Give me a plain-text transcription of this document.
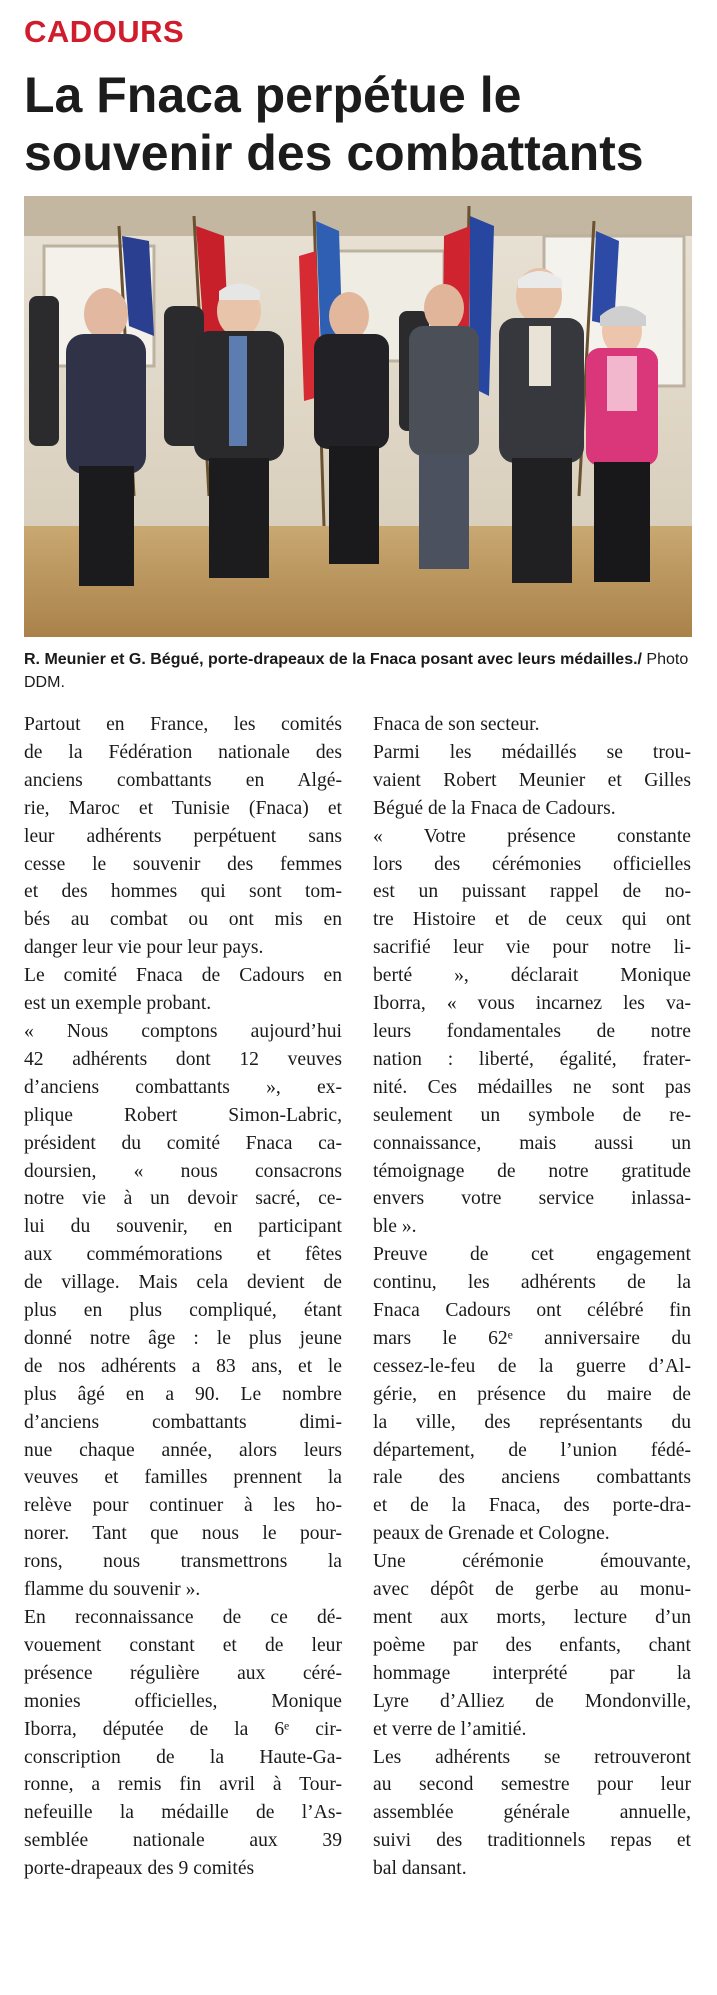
CADOURS
La Fnaca perpétue le
souvenir des combattants
R. Meunier et G. Bégué, porte-drapeaux de la Fnaca posant avec leurs médailles./ Photo DDM.
Partout en France, les comités
de la Fédération nationale des
anciens combattants en Algé-
rie, Maroc et Tunisie (Fnaca) et
leur adhérents perpétuent sans
cesse le souvenir des femmes
et des hommes qui sont tom-
bés au combat ou ont mis en
danger leur vie pour leur pays.
Le comité Fnaca de Cadours en
est un exemple probant.
« Nous comptons aujourd’hui
42 adhérents dont 12 veuves
d’anciens combattants », ex-
plique Robert Simon-Labric,
président du comité Fnaca ca-
doursien, « nous consacrons
notre vie à un devoir sacré, ce-
lui du souvenir, en participant
aux commémorations et fêtes
de village. Mais cela devient de
plus en plus compliqué, étant
donné notre âge : le plus jeune
de nos adhérents a 83 ans, et le
plus âgé en a 90. Le nombre
d’anciens combattants dimi-
nue chaque année, alors leurs
veuves et familles prennent la
relève pour continuer à les ho-
norer. Tant que nous le pour-
rons, nous transmettrons la
flamme du souvenir ».
En reconnaissance de ce dé-
vouement constant et de leur
présence régulière aux céré-
monies officielles, Monique
Iborra, députée de la 6ᵉ cir-
conscription de la Haute-Ga-
ronne, a remis fin avril à Tour-
nefeuille la médaille de l’As-
semblée nationale aux 39
porte-drapeaux des 9 comités
Fnaca de son secteur.
Parmi les médaillés se trou-
vaient Robert Meunier et Gilles
Bégué de la Fnaca de Cadours.
« Votre présence constante
lors des cérémonies officielles
est un puissant rappel de no-
tre Histoire et de ceux qui ont
sacrifié leur vie pour notre li-
berté », déclarait Monique
Iborra, « vous incarnez les va-
leurs fondamentales de notre
nation : liberté, égalité, frater-
nité. Ces médailles ne sont pas
seulement un symbole de re-
connaissance, mais aussi un
témoignage de notre gratitude
envers votre service inlassa-
ble ».
Preuve de cet engagement
continu, les adhérents de la
Fnaca Cadours ont célébré fin
mars le 62ᵉ anniversaire du
cessez-le-feu de la guerre d’Al-
gérie, en présence du maire de
la ville, des représentants du
département, de l’union fédé-
rale des anciens combattants
et de la Fnaca, des porte-dra-
peaux de Grenade et Cologne.
Une cérémonie émouvante,
avec dépôt de gerbe au monu-
ment aux morts, lecture d’un
poème par des enfants, chant
hommage interprété par la
Lyre d’Alliez de Mondonville,
et verre de l’amitié.
Les adhérents se retrouveront
au second semestre pour leur
assemblée générale annuelle,
suivi des traditionnels repas et
bal dansant.
